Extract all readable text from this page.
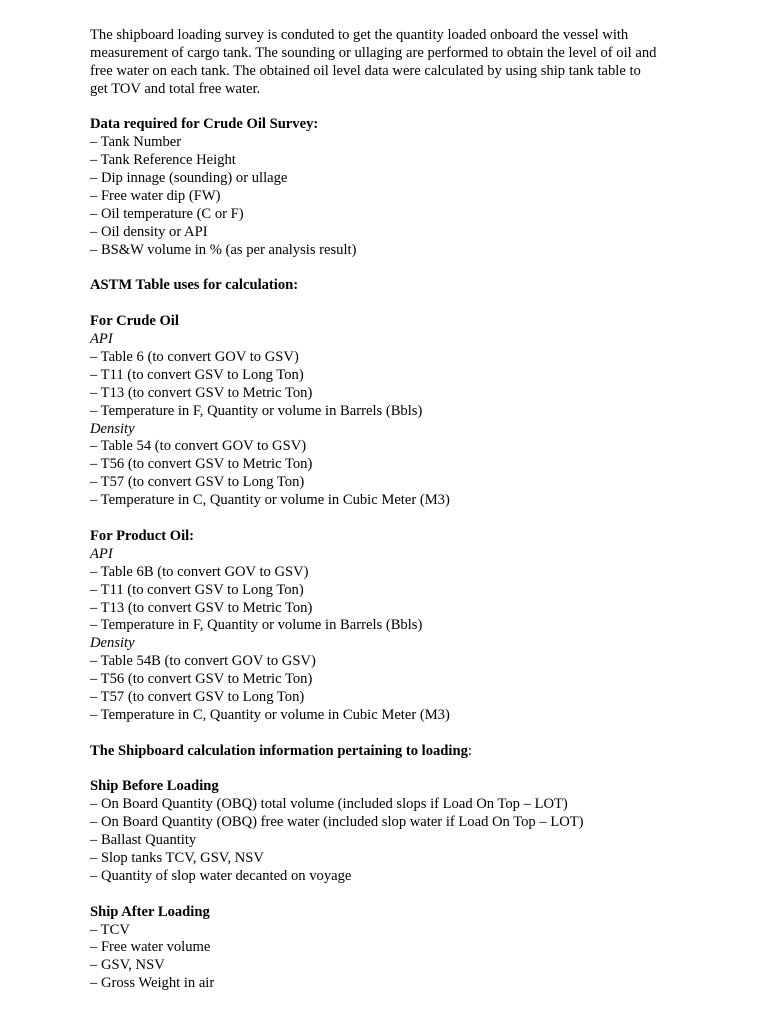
The shipboard loading survey is conduted to get the quantity loaded onboard the vessel with
measurement of cargo tank. The sounding or ullaging are performed to obtain the level of oil and
free water on each tank. The obtained oil level data were calculated by using ship tank table to
get TOV and total free water.
Data required for Crude Oil Survey:
– Tank Number
– Tank Reference Height
– Dip innage (sounding) or ullage
– Free water dip (FW)
– Oil temperature (C or F)
– Oil density or API
– BS&W volume in % (as per analysis result)
ASTM Table uses for calculation:
For Crude Oil
API
– Table 6 (to convert GOV to GSV)
– T11 (to convert GSV to Long Ton)
– T13 (to convert GSV to Metric Ton)
– Temperature in F, Quantity or volume in Barrels (Bbls)
Density
– Table 54 (to convert GOV to GSV)
– T56 (to convert GSV to Metric Ton)
– T57 (to convert GSV to Long Ton)
– Temperature in C, Quantity or volume in Cubic Meter (M3)
For Product Oil:
API
– Table 6B (to convert GOV to GSV)
– T11 (to convert GSV to Long Ton)
– T13 (to convert GSV to Metric Ton)
– Temperature in F, Quantity or volume in Barrels (Bbls)
Density
– Table 54B (to convert GOV to GSV)
– T56 (to convert GSV to Metric Ton)
– T57 (to convert GSV to Long Ton)
– Temperature in C, Quantity or volume in Cubic Meter (M3)
The Shipboard calculation information pertaining to loading:
Ship Before Loading
– On Board Quantity (OBQ) total volume (included slops if Load On Top – LOT)
– On Board Quantity (OBQ) free water (included slop water if Load On Top – LOT)
– Ballast Quantity
– Slop tanks TCV, GSV, NSV
– Quantity of slop water decanted on voyage
Ship After Loading
– TCV
– Free water volume
– GSV, NSV
– Gross Weight in air
